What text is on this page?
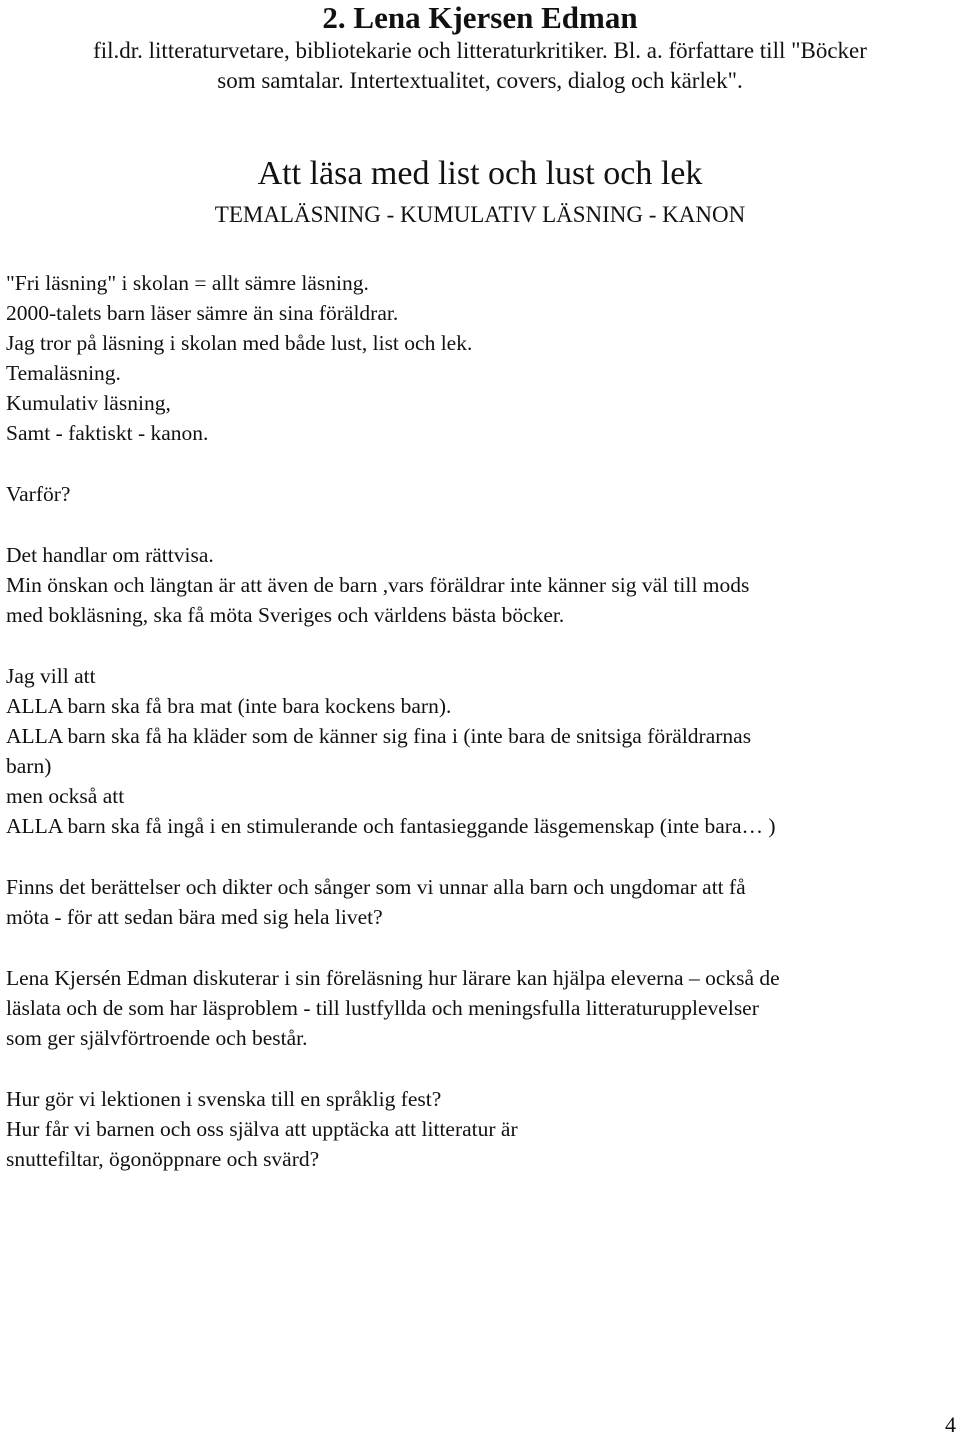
2. Lena Kjersen Edman

fil.dr. litteraturvetare, bibliotekarie och litteraturkritiker. Bl. a. författare till "Böcker

som samtalar. Intertextualitet, covers, dialog och kärlek".

Att läsa med list och lust och lek

TEMALÄSNING - KUMULATIV LÄSNING - KANON

"Fri läsning" i skolan = allt sämre läsning.

2000-talets barn läser sämre än sina föräldrar.

Jag tror på läsning i skolan med både lust, list och lek.

Temaläsning.

Kumulativ läsning,

Samt - faktiskt - kanon.

Varför?

Det handlar om rättvisa.

Min önskan och längtan är att även de barn ,vars föräldrar inte känner sig väl till mods

med bokläsning, ska få möta Sveriges och världens bästa böcker.

Jag vill att

ALLA barn ska få bra mat (inte bara kockens barn).

ALLA barn ska få ha kläder som de känner sig fina i (inte bara de snitsiga föräldrarnas

barn)

men också att

ALLA barn ska få ingå i en stimulerande och fantasieggande läsgemenskap (inte bara… )

Finns det berättelser och dikter och sånger som vi unnar alla barn och ungdomar att få

möta - för att sedan bära med sig hela livet?

Lena Kjersén Edman diskuterar i sin föreläsning hur lärare kan hjälpa eleverna – också de

läslata och de som har läsproblem - till lustfyllda och meningsfulla litteraturupplevelser

som ger självförtroende och består.

Hur gör vi lektionen i svenska till en språklig fest?

Hur får vi barnen och oss själva att upptäcka att litteratur är

snuttefiltar, ögonöppnare och svärd?

4
